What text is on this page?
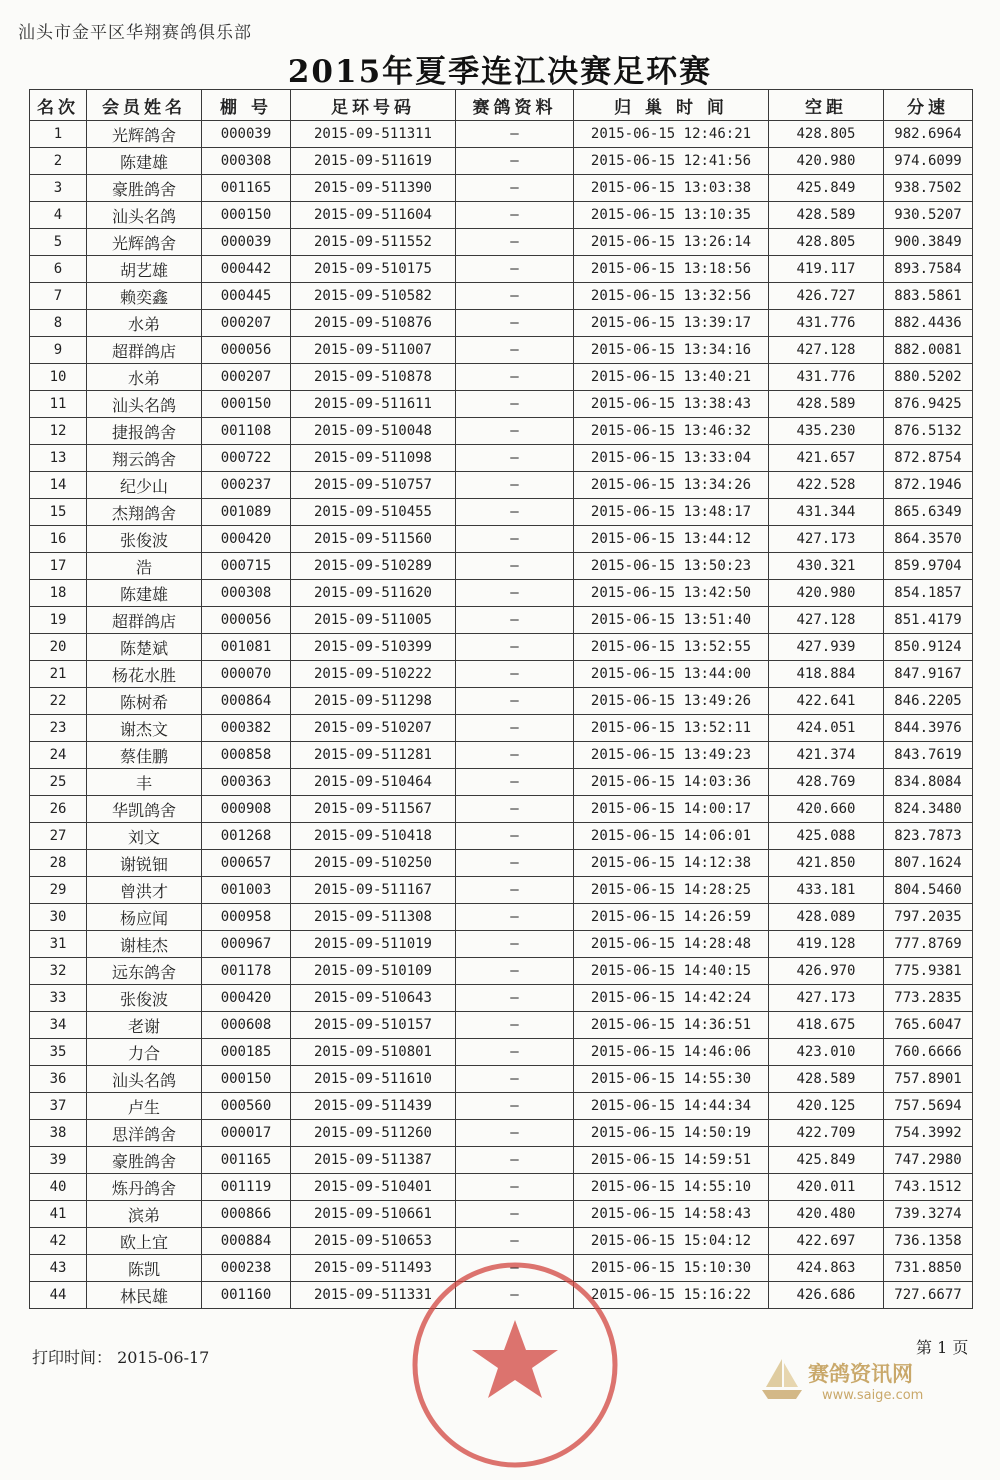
汕头市金平区华翔赛鸽俱乐部
2015年夏季连江决赛足环赛
名次	会员姓名	棚 号	足环号码	赛鸽资料	归 巢 时 间	空距	分速
1	光辉鸽舍	000039	2015-09-511311	—	2015-06-15 12:46:21	428.805	982.6964
2	陈建雄	000308	2015-09-511619	—	2015-06-15 12:41:56	420.980	974.6099
3	豪胜鸽舍	001165	2015-09-511390	—	2015-06-15 13:03:38	425.849	938.7502
4	汕头名鸽	000150	2015-09-511604	—	2015-06-15 13:10:35	428.589	930.5207
5	光辉鸽舍	000039	2015-09-511552	—	2015-06-15 13:26:14	428.805	900.3849
6	胡艺雄	000442	2015-09-510175	—	2015-06-15 13:18:56	419.117	893.7584
7	赖奕鑫	000445	2015-09-510582	—	2015-06-15 13:32:56	426.727	883.5861
8	水弟	000207	2015-09-510876	—	2015-06-15 13:39:17	431.776	882.4436
9	超群鸽店	000056	2015-09-511007	—	2015-06-15 13:34:16	427.128	882.0081
10	水弟	000207	2015-09-510878	—	2015-06-15 13:40:21	431.776	880.5202
11	汕头名鸽	000150	2015-09-511611	—	2015-06-15 13:38:43	428.589	876.9425
12	捷报鸽舍	001108	2015-09-510048	—	2015-06-15 13:46:32	435.230	876.5132
13	翔云鸽舍	000722	2015-09-511098	—	2015-06-15 13:33:04	421.657	872.8754
14	纪少山	000237	2015-09-510757	—	2015-06-15 13:34:26	422.528	872.1946
15	杰翔鸽舍	001089	2015-09-510455	—	2015-06-15 13:48:17	431.344	865.6349
16	张俊波	000420	2015-09-511560	—	2015-06-15 13:44:12	427.173	864.3570
17	浩	000715	2015-09-510289	—	2015-06-15 13:50:23	430.321	859.9704
18	陈建雄	000308	2015-09-511620	—	2015-06-15 13:42:50	420.980	854.1857
19	超群鸽店	000056	2015-09-511005	—	2015-06-15 13:51:40	427.128	851.4179
20	陈楚斌	001081	2015-09-510399	—	2015-06-15 13:52:55	427.939	850.9124
21	杨花水胜	000070	2015-09-510222	—	2015-06-15 13:44:00	418.884	847.9167
22	陈树希	000864	2015-09-511298	—	2015-06-15 13:49:26	422.641	846.2205
23	谢杰文	000382	2015-09-510207	—	2015-06-15 13:52:11	424.051	844.3976
24	蔡佳鹏	000858	2015-09-511281	—	2015-06-15 13:49:23	421.374	843.7619
25	丰	000363	2015-09-510464	—	2015-06-15 14:03:36	428.769	834.8084
26	华凯鸽舍	000908	2015-09-511567	—	2015-06-15 14:00:17	420.660	824.3480
27	刘文	001268	2015-09-510418	—	2015-06-15 14:06:01	425.088	823.7873
28	谢锐钿	000657	2015-09-510250	—	2015-06-15 14:12:38	421.850	807.1624
29	曾洪才	001003	2015-09-511167	—	2015-06-15 14:28:25	433.181	804.5460
30	杨应闻	000958	2015-09-511308	—	2015-06-15 14:26:59	428.089	797.2035
31	谢桂杰	000967	2015-09-511019	—	2015-06-15 14:28:48	419.128	777.8769
32	远东鸽舍	001178	2015-09-510109	—	2015-06-15 14:40:15	426.970	775.9381
33	张俊波	000420	2015-09-510643	—	2015-06-15 14:42:24	427.173	773.2835
34	老谢	000608	2015-09-510157	—	2015-06-15 14:36:51	418.675	765.6047
35	力合	000185	2015-09-510801	—	2015-06-15 14:46:06	423.010	760.6666
36	汕头名鸽	000150	2015-09-511610	—	2015-06-15 14:55:30	428.589	757.8901
37	卢生	000560	2015-09-511439	—	2015-06-15 14:44:34	420.125	757.5694
38	思洋鸽舍	000017	2015-09-511260	—	2015-06-15 14:50:19	422.709	754.3992
39	豪胜鸽舍	001165	2015-09-511387	—	2015-06-15 14:59:51	425.849	747.2980
40	炼丹鸽舍	001119	2015-09-510401	—	2015-06-15 14:55:10	420.011	743.1512
41	滨弟	000866	2015-09-510661	—	2015-06-15 14:58:43	420.480	739.3274
42	欧上宜	000884	2015-09-510653	—	2015-06-15 15:04:12	422.697	736.1358
43	陈凯	000238	2015-09-511493	—	2015-06-15 15:10:30	424.863	731.8850
44	林民雄	001160	2015-09-511331	—	2015-06-15 15:16:22	426.686	727.6677
打印时间： 2015-06-17
第 1 页
赛鸽资讯网
www.saige.com
